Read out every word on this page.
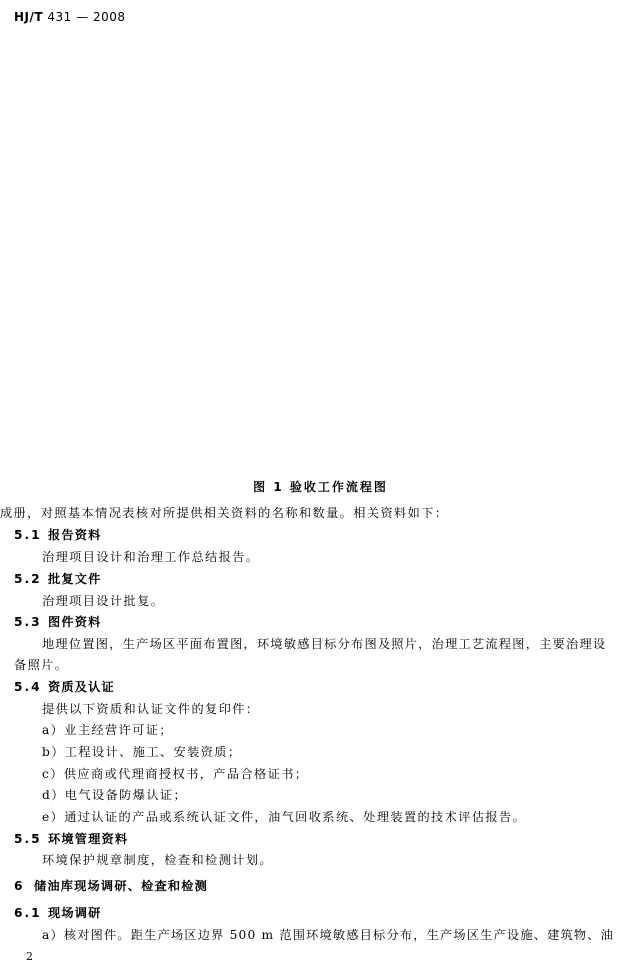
HJ/T 431 — 2008
图 1 验收工作流程图
成册，对照基本情况表核对所提供相关资料的名称和数量。相关资料如下：
5.1 报告资料
治理项目设计和治理工作总结报告。
5.2 批复文件
治理项目设计批复。
5.3 图件资料
地理位置图，生产场区平面布置图，环境敏感目标分布图及照片，治理工艺流程图，主要治理设
备照片。
5.4 资质及认证
提供以下资质和认证文件的复印件：
a）业主经营许可证；
b）工程设计、施工、安装资质；
c）供应商或代理商授权书，产品合格证书；
d）电气设备防爆认证；
e）通过认证的产品或系统认证文件，油气回收系统、处理装置的技术评估报告。
5.5 环境管理资料
环境保护规章制度，检查和检测计划。
6 储油库现场调研、检查和检测
6.1 现场调研
a）核对图件。距生产场区边界 500 m 范围环境敏感目标分布，生产场区生产设施、建筑物、油
2
